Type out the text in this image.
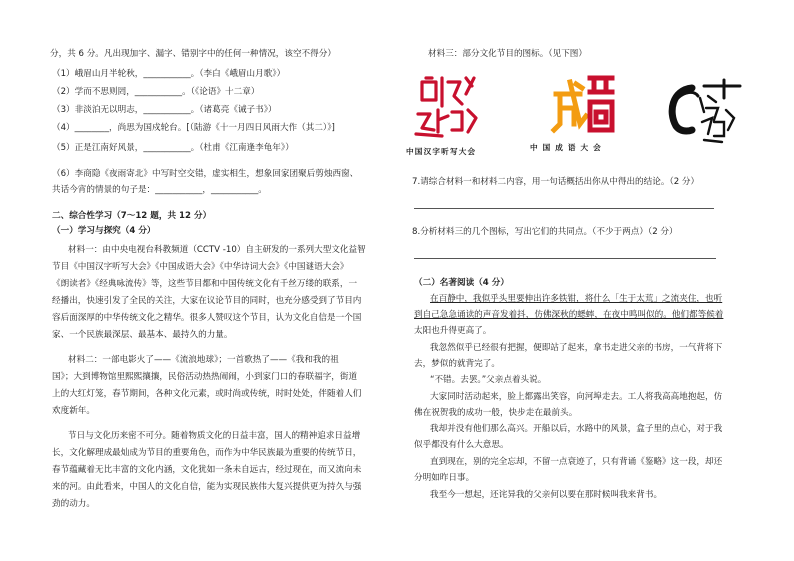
分，共 6 分。凡出现加字、漏字、错别字中的任何一种情况，该空不得分）
（1）峨眉山月半轮秋，___________。（李白《峨眉山月歌》）
（2）学而不思则罔，___________。（《论语》十二章）
（3）非淡泊无以明志，___________。（诸葛亮《诫子书》）
（4）________，尚思为国戍轮台。[（陆游《十一月四日风雨大作（其二）》]
（5）正是江南好风景，___________。（杜甫《江南逢李龟年》）
（6）李商隐《夜雨寄北》中写时空交错，虚实相生，想象回家团聚后剪烛西窗、
共话今宵的情景的句子是：___________，___________。
二、综合性学习（7～12 题，共 12 分）
（一）学习与探究（4 分）
材料一：由中央电视台科教频道（CCTV -10）自主研发的一系列大型文化益智
节目《中国汉字听写大会》《中国成语大会》《中华诗词大会》《中国谜语大会》
《朗读者》《经典咏流传》等，这些节目都和中国传统文化有千丝万缕的联系，一
经播出，快速引发了全民的关注，大家在议论节目的同时，也充分感受到了节目内
容后面深厚的中华传统文化之精华。很多人赞叹这个节目，认为文化自信是一个国
家、一个民族最深层、最基本、最持久的力量。
材料二：一部电影火了——《流浪地球》；一首歌热了——《我和我的祖
国》；大到博物馆里熙熙攘攘，民俗活动热热闹闹，小到家门口的春联福字，街道
上的大红灯笼，春节期间，各种文化元素，或时尚或传统，时时处处，伴随着人们
欢度新年。
节日与文化历来密不可分。随着物质文化的日益丰富，国人的精神追求日益增
长，文化解理成最灿成为节目的重要角色，而作为中华民族最为重要的传统节日，
春节蕴藏着无比丰富的文化内涵，文化犹如一条未自远古，经过现在，而又流向未
来的河。由此看来，中国人的文化自信，能为实现民族伟大复兴提供更为持久与强
劲的动力。
材料三：部分文化节目的图标。（见下图）
中国汉字听写大会	中 国 成 语 大 会
7.请综合材料一和材料二内容，用一句话概括出你从中得出的结论。（2 分）
8.分析材料三的几个图标，写出它们的共同点。（不少于两点）（2 分）
（二）名著阅读（4 分）
在百静中，我似乎头里要伸出许多铁钳，将什么「生于太荒」之流夹住，也听
到自己急急诵读的声音发着抖，仿佛深秋的蟋蟀，在夜中鸣叫似的。他们都等候着
太阳也升得更高了。
我忽然似乎已经很有把握，便即站了起来，拿书走进父亲的书房，一气背将下
去，梦似的就背完了。
“不错。去罢。”父亲点着头说。
大家同时活动起来，脸上都露出笑容，向河埠走去。工人将我高高地抱起，仿
佛在祝贺我的成功一般，快步走在最前头。
我却并没有他们那么高兴。开船以后，水路中的风景，盒子里的点心，对于我
似乎都没有什么大意思。
直到现在，别的完全忘却，不留一点衰迹了，只有背诵《鉴略》这一段，却还
分明如昨日事。
我至今一想起，还诧异我的父亲何以要在那时候叫我来背书。
